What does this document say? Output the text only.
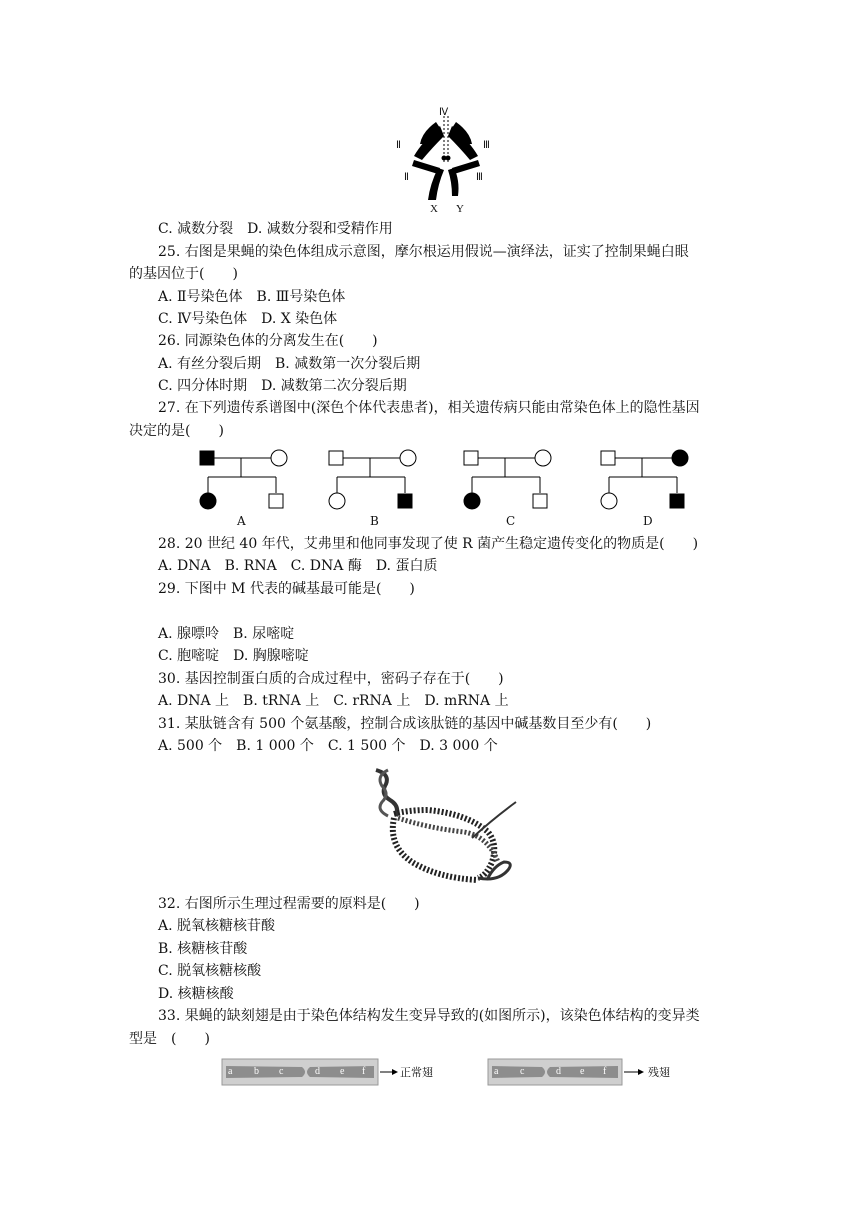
Ⅳ
Ⅱ	Ⅲ
Ⅱ	Ⅲ
X Y
C. 减数分裂　D. 减数分裂和受精作用
25. 右图是果蝇的染色体组成示意图，摩尔根运用假说—演绎法，证实了控制果蝇白眼
的基因位于(　　)
A. Ⅱ号染色体　B. Ⅲ号染色体
C. Ⅳ号染色体　D. X 染色体
26. 同源染色体的分离发生在(　　)
A. 有丝分裂后期　B. 减数第一次分裂后期
C. 四分体时期　D. 减数第二次分裂后期
27. 在下列遗传系谱图中(深色个体代表患者)，相关遗传病只能由常染色体上的隐性基因
决定的是(　　)
A	B	C	D
28. 20 世纪 40 年代，艾弗里和他同事发现了使 R 菌产生稳定遗传变化的物质是(　　)
A. DNA　B. RNA　C. DNA 酶　D. 蛋白质
29. 下图中 M 代表的碱基最可能是(　　)
A. 腺嘌呤　B. 尿嘧啶
C. 胞嘧啶　D. 胸腺嘧啶
30. 基因控制蛋白质的合成过程中，密码子存在于(　　)
A. DNA 上　B. tRNA 上　C. rRNA 上　D. mRNA 上
31. 某肽链含有 500 个氨基酸，控制合成该肽链的基因中碱基数目至少有(　　)
A. 500 个　B. 1 000 个　C. 1 500 个　D. 3 000 个
32. 右图所示生理过程需要的原料是(　　)
A. 脱氧核糖核苷酸
B. 核糖核苷酸
C. 脱氧核糖核酸
D. 核糖核酸
33. 果蝇的缺刻翅是由于染色体结构发生变异导致的(如图所示)，该染色体结构的变异类
型是　(　　)
a b c	d e f	正常翅	a c	d e f	残翅
